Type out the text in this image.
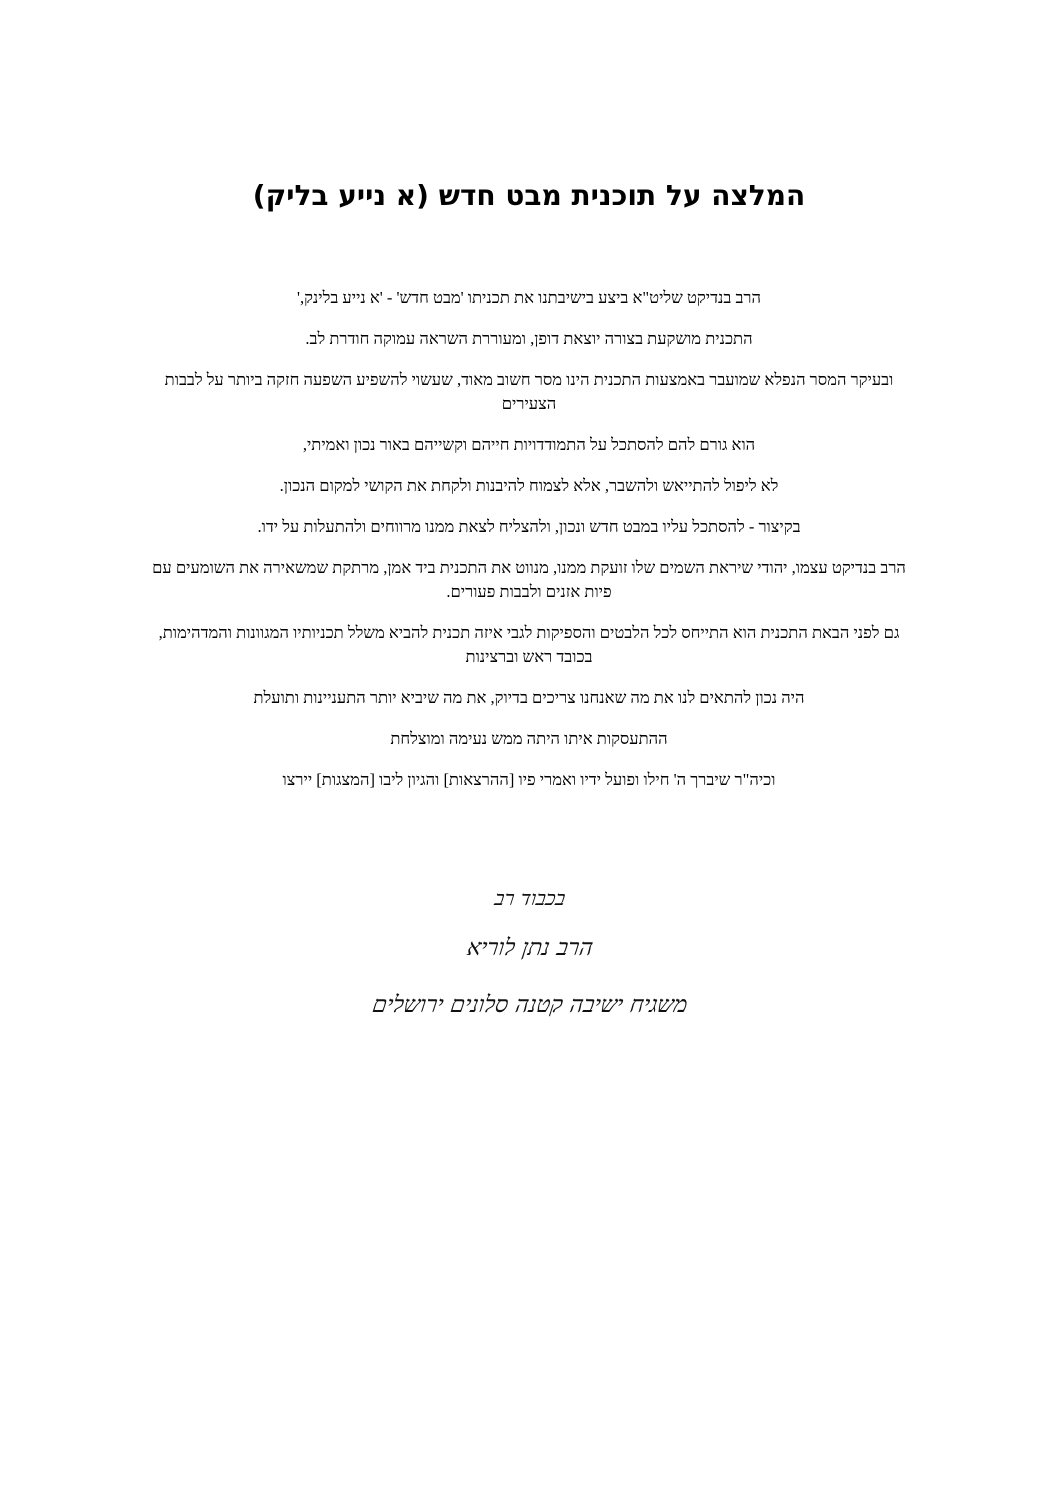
המלצה על תוכנית מבט חדש (א נייע בליק)

הרב בנדיקט שליט"א ביצע בישיבתנו את תכניתו 'מבט חדש' - 'א נייע בלינק,'

התכנית מושקעת בצורה יוצאת דופן, ומעוררת השראה עמוקה חודרת לב.

ובעיקר המסר הנפלא שמועבר באמצעות התכנית הינו מסר חשוב מאוד, שעשוי להשפיע השפעה חזקה ביותר על לבבות הצעירים

הוא גורם להם להסתכל על התמודדויות חייהם וקשייהם באור נכון ואמיתי,

לא ליפול להתייאש ולהשבר, אלא לצמוח להיבנות ולקחת את הקושי למקום הנכון.

בקיצור - להסתכל עליו במבט חדש ונכון, ולהצליח לצאת ממנו מרווחים ולהתעלות על ידו.

הרב בנדיקט עצמו, יהודי שיראת השמים שלו זועקת ממנו, מנווט את התכנית ביד אמן, מרתקת שמשאירה את השומעים עם פיות אזנים ולבבות פעורים.

גם לפני הבאת התכנית הוא התייחס לכל הלבטים והספיקות לגבי איזה תכנית להביא משלל תכניותיו המגוונות והמדהימות, בכובד ראש וברצינות

היה נכון להתאים לנו את מה שאנחנו צריכים בדיוק, את מה שיביא יותר התעניינות ותועלת

ההתעסקות איתו היתה ממש נעימה ומוצלחת

וכיה"ר שיברך ה' חילו ופועל ידיו ואמרי פיו [ההרצאות] והגיון ליבו [המצגות] יירצו

בכבוד רב

הרב נתן לוריא

משגיח ישיבה קטנה סלונים ירושלים
